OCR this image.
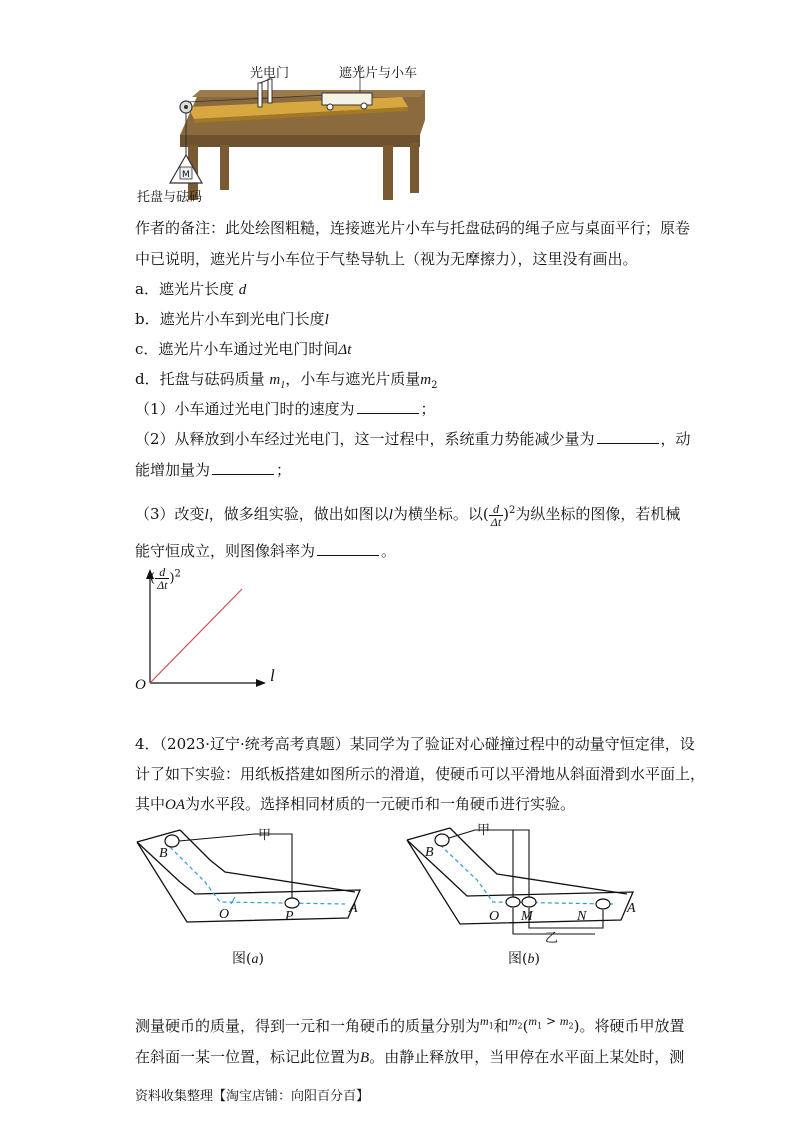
M
光电门	遮光片与小车
托盘与砝码
作者的备注：此处绘图粗糙，连接遮光片小车与托盘砝码的绳子应与桌面平行；原卷
中已说明，遮光片与小车位于气垫导轨上（视为无摩擦力），这里没有画出。
a．遮光片长度 d
b．遮光片小车到光电门长度l
c．遮光片小车通过光电门时间Δt
d．托盘与砝码质量 $m_1$，小车与遮光片质量$m_2$
（1）小车通过光电门时的速度为	；
（2）从释放到小车经过光电门，这一过程中，系统重力势能减少量为	，动
能增加量为	；
（3）改变l，做多组实验，做出如图以l为横坐标。以( $\frac{d}{\Delta t} )^2$为纵坐标的图像，若机械
能守恒成立，则图像斜率为	。
( $\frac{d}{\Delta t} )^2$
O	l
4．（2023·辽宁·统考高考真题）某同学为了验证对心碰撞过程中的动量守恒定律，设
计了如下实验：用纸板搭建如图所示的滑道，使硬币可以平滑地从斜面滑到水平面上，
其中OA为水平段。选择相同材质的一元硬币和一角硬币进行实验。
甲
B
O	P
A
图(a)
甲
乙
B
O M	N
A
图(b)
测量硬币的质量，得到一元和一角硬币的质量分别为$^{m_1}$和$^{m_2}$($^{m_1 > m_2}$)。将硬币甲放置
在斜面一某一位置，标记此位置为B。由静止释放甲，当甲停在水平面上某处时，测
资料收集整理【淘宝店铺：向阳百分百】
